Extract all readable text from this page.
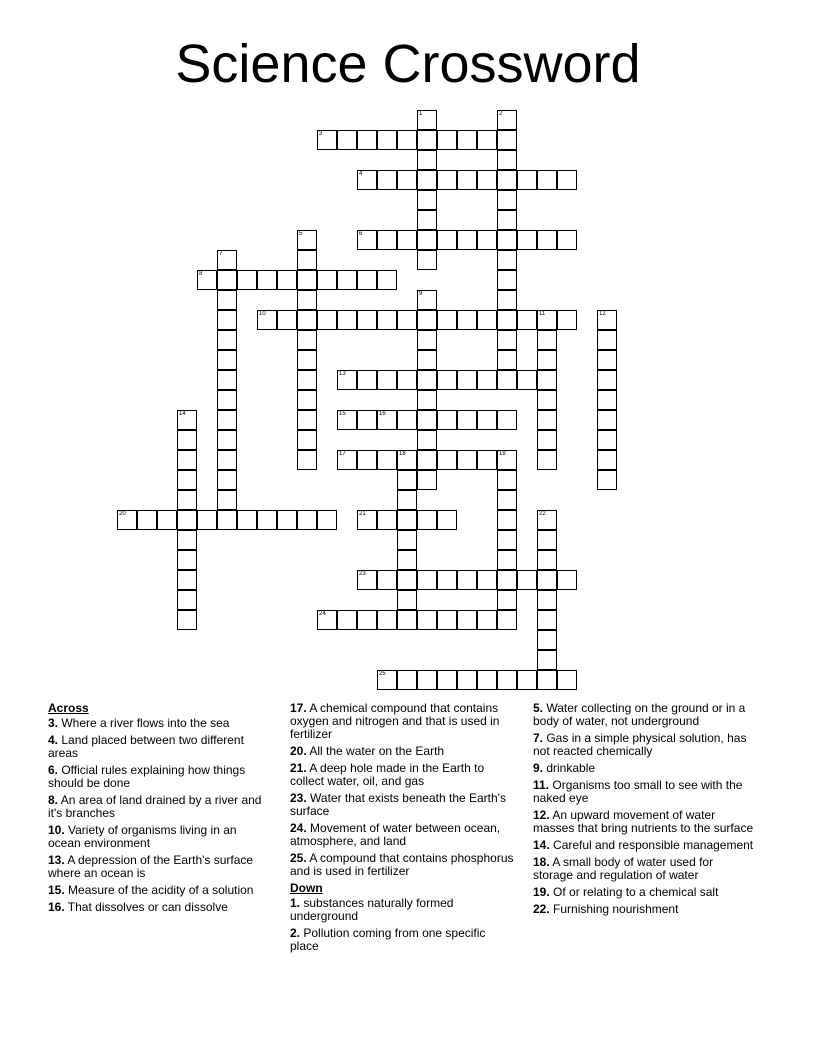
Science Crossword
1	2
3
4
5	6
7
8
9
10	11	12
13
14	15	16
17	18	19
20	21	22
23
24
25
Across
3. Where a river flows into the sea
4. Land placed between two different areas
6. Official rules explaining how things should be done
8. An area of land drained by a river and it's branches
10. Variety of organisms living in an ocean environment
13. A depression of the Earth's surface where an ocean is
15. Measure of the acidity of a solution
16. That dissolves or can dissolve
17. A chemical compound that contains oxygen and nitrogen and that is used in fertilizer
20. All the water on the Earth
21. A deep hole made in the Earth to collect water, oil, and gas
23. Water that exists beneath the Earth's surface
24. Movement of water between ocean, atmosphere, and land
25. A compound that contains phosphorus and is used in fertilizer
Down
1. substances naturally formed underground
2. Pollution coming from one specific place
5. Water collecting on the ground or in a body of water, not underground
7. Gas in a simple physical solution, has not reacted chemically
9. drinkable
11. Organisms too small to see with the naked eye
12. An upward movement of water masses that bring nutrients to the surface
14. Careful and responsible management
18. A small body of water used for storage and regulation of water
19. Of or relating to a chemical salt
22. Furnishing nourishment
